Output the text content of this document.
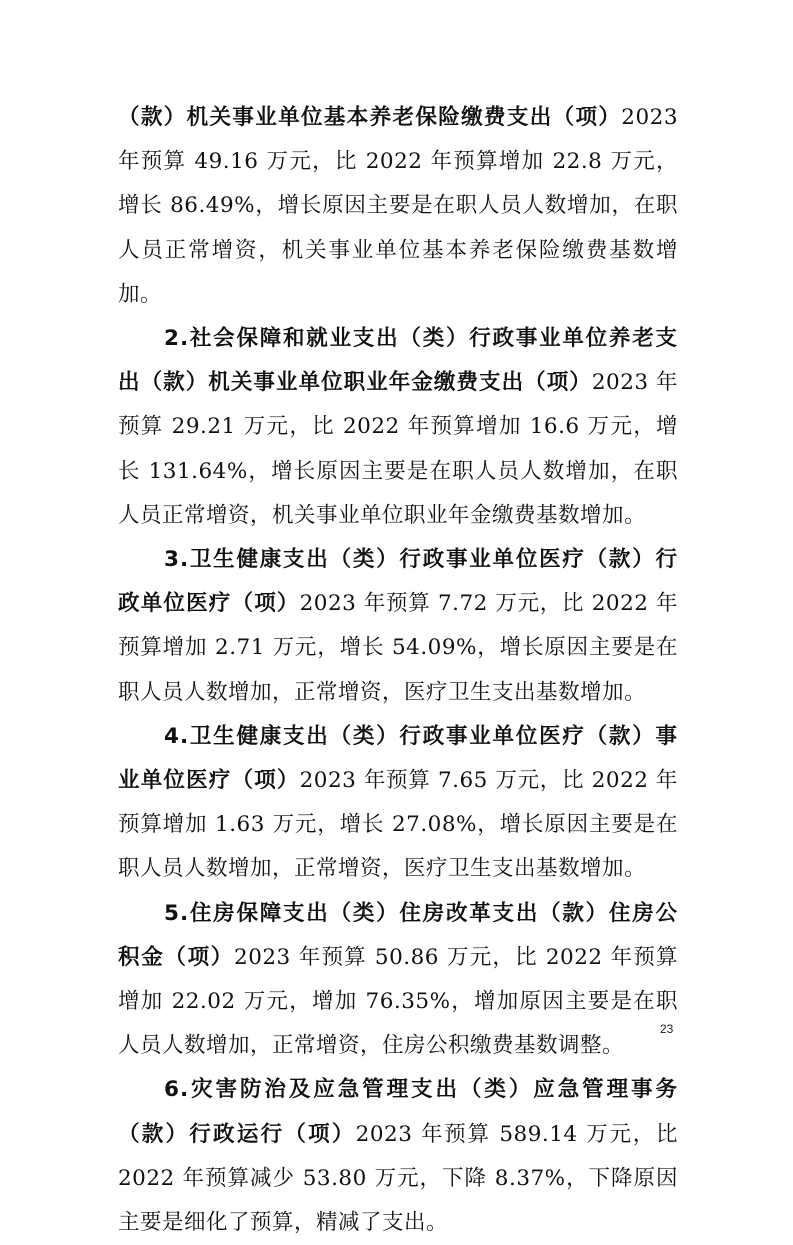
（款）机关事业单位基本养老保险缴费支出（项）2023 年预算 49.16 万元，比 2022 年预算增加 22.8 万元，增长 86.49%，增长原因主要是在职人员人数增加，在职人员正常增资，机关事业单位基本养老保险缴费基数增加。

2.社会保障和就业支出（类）行政事业单位养老支出（款）机关事业单位职业年金缴费支出（项）2023 年预算 29.21 万元，比 2022 年预算增加 16.6 万元，增长 131.64%，增长原因主要是在职人员人数增加，在职人员正常增资，机关事业单位职业年金缴费基数增加。

3.卫生健康支出（类）行政事业单位医疗（款）行政单位医疗（项）2023 年预算 7.72 万元，比 2022 年预算增加 2.71 万元，增长 54.09%，增长原因主要是在职人员人数增加，正常增资，医疗卫生支出基数增加。

4.卫生健康支出（类）行政事业单位医疗（款）事业单位医疗（项）2023 年预算 7.65 万元，比 2022 年预算增加 1.63 万元，增长 27.08%，增长原因主要是在职人员人数增加，正常增资，医疗卫生支出基数增加。

5.住房保障支出（类）住房改革支出（款）住房公积金（项）2023 年预算 50.86 万元，比 2022 年预算增加 22.02 万元，增加 76.35%，增加原因主要是在职人员人数增加，正常增资，住房公积缴费基数调整。

6.灾害防治及应急管理支出（类）应急管理事务（款）行政运行（项）2023 年预算 589.14 万元，比 2022 年预算减少 53.80 万元，下降 8.37%，下降原因主要是细化了预算，精减了支出。

23
